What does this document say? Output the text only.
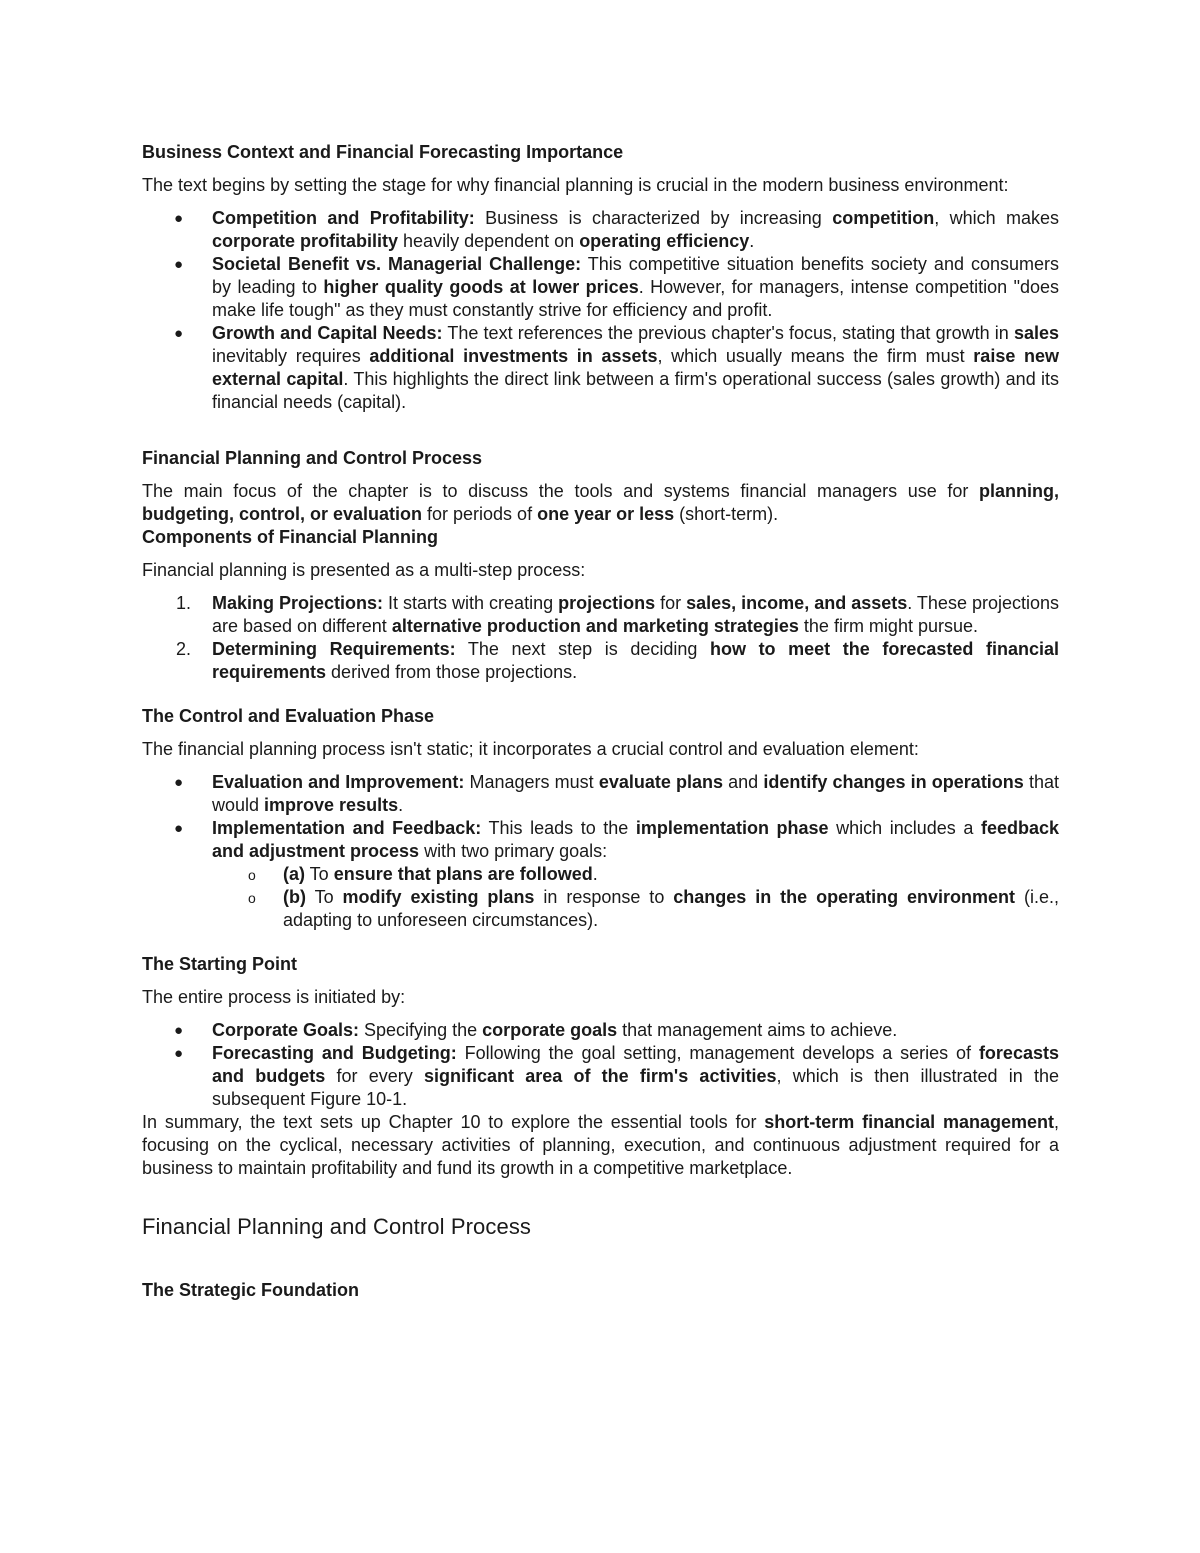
Business Context and Financial Forecasting Importance

The text begins by setting the stage for why financial planning is crucial in the modern business environment:

●	Competition and Profitability: Business is characterized by increasing competition, which makes corporate profitability heavily dependent on operating efficiency.
●	Societal Benefit vs. Managerial Challenge: This competitive situation benefits society and consumers by leading to higher quality goods at lower prices. However, for managers, intense competition "does make life tough" as they must constantly strive for efficiency and profit.
●	Growth and Capital Needs: The text references the previous chapter's focus, stating that growth in sales inevitably requires additional investments in assets, which usually means the firm must raise new external capital. This highlights the direct link between a firm's operational success (sales growth) and its financial needs (capital).
Financial Planning and Control Process

The main focus of the chapter is to discuss the tools and systems financial managers use for planning, budgeting, control, or evaluation for periods of one year or less (short-term).

Components of Financial Planning

Financial planning is presented as a multi-step process:

1. Making Projections: It starts with creating projections for sales, income, and assets. These projections are based on different alternative production and marketing strategies the firm might pursue.
2. Determining Requirements: The next step is deciding how to meet the forecasted financial requirements derived from those projections.
The Control and Evaluation Phase

The financial planning process isn't static; it incorporates a crucial control and evaluation element:

●	Evaluation and Improvement: Managers must evaluate plans and identify changes in operations that would improve results.
●	Implementation and Feedback: This leads to the implementation phase which includes a feedback and adjustment process with two primary goals:
o (a) To ensure that plans are followed.
o (b) To modify existing plans in response to changes in the operating environment (i.e., adapting to unforeseen circumstances).
The Starting Point

The entire process is initiated by:

●	Corporate Goals: Specifying the corporate goals that management aims to achieve.
●	Forecasting and Budgeting: Following the goal setting, management develops a series of forecasts and budgets for every significant area of the firm's activities, which is then illustrated in the subsequent Figure 10-1.

In summary, the text sets up Chapter 10 to explore the essential tools for short-term financial management, focusing on the cyclical, necessary activities of planning, execution, and continuous adjustment required for a business to maintain profitability and fund its growth in a competitive marketplace.

Financial Planning and Control Process
The Strategic Foundation
